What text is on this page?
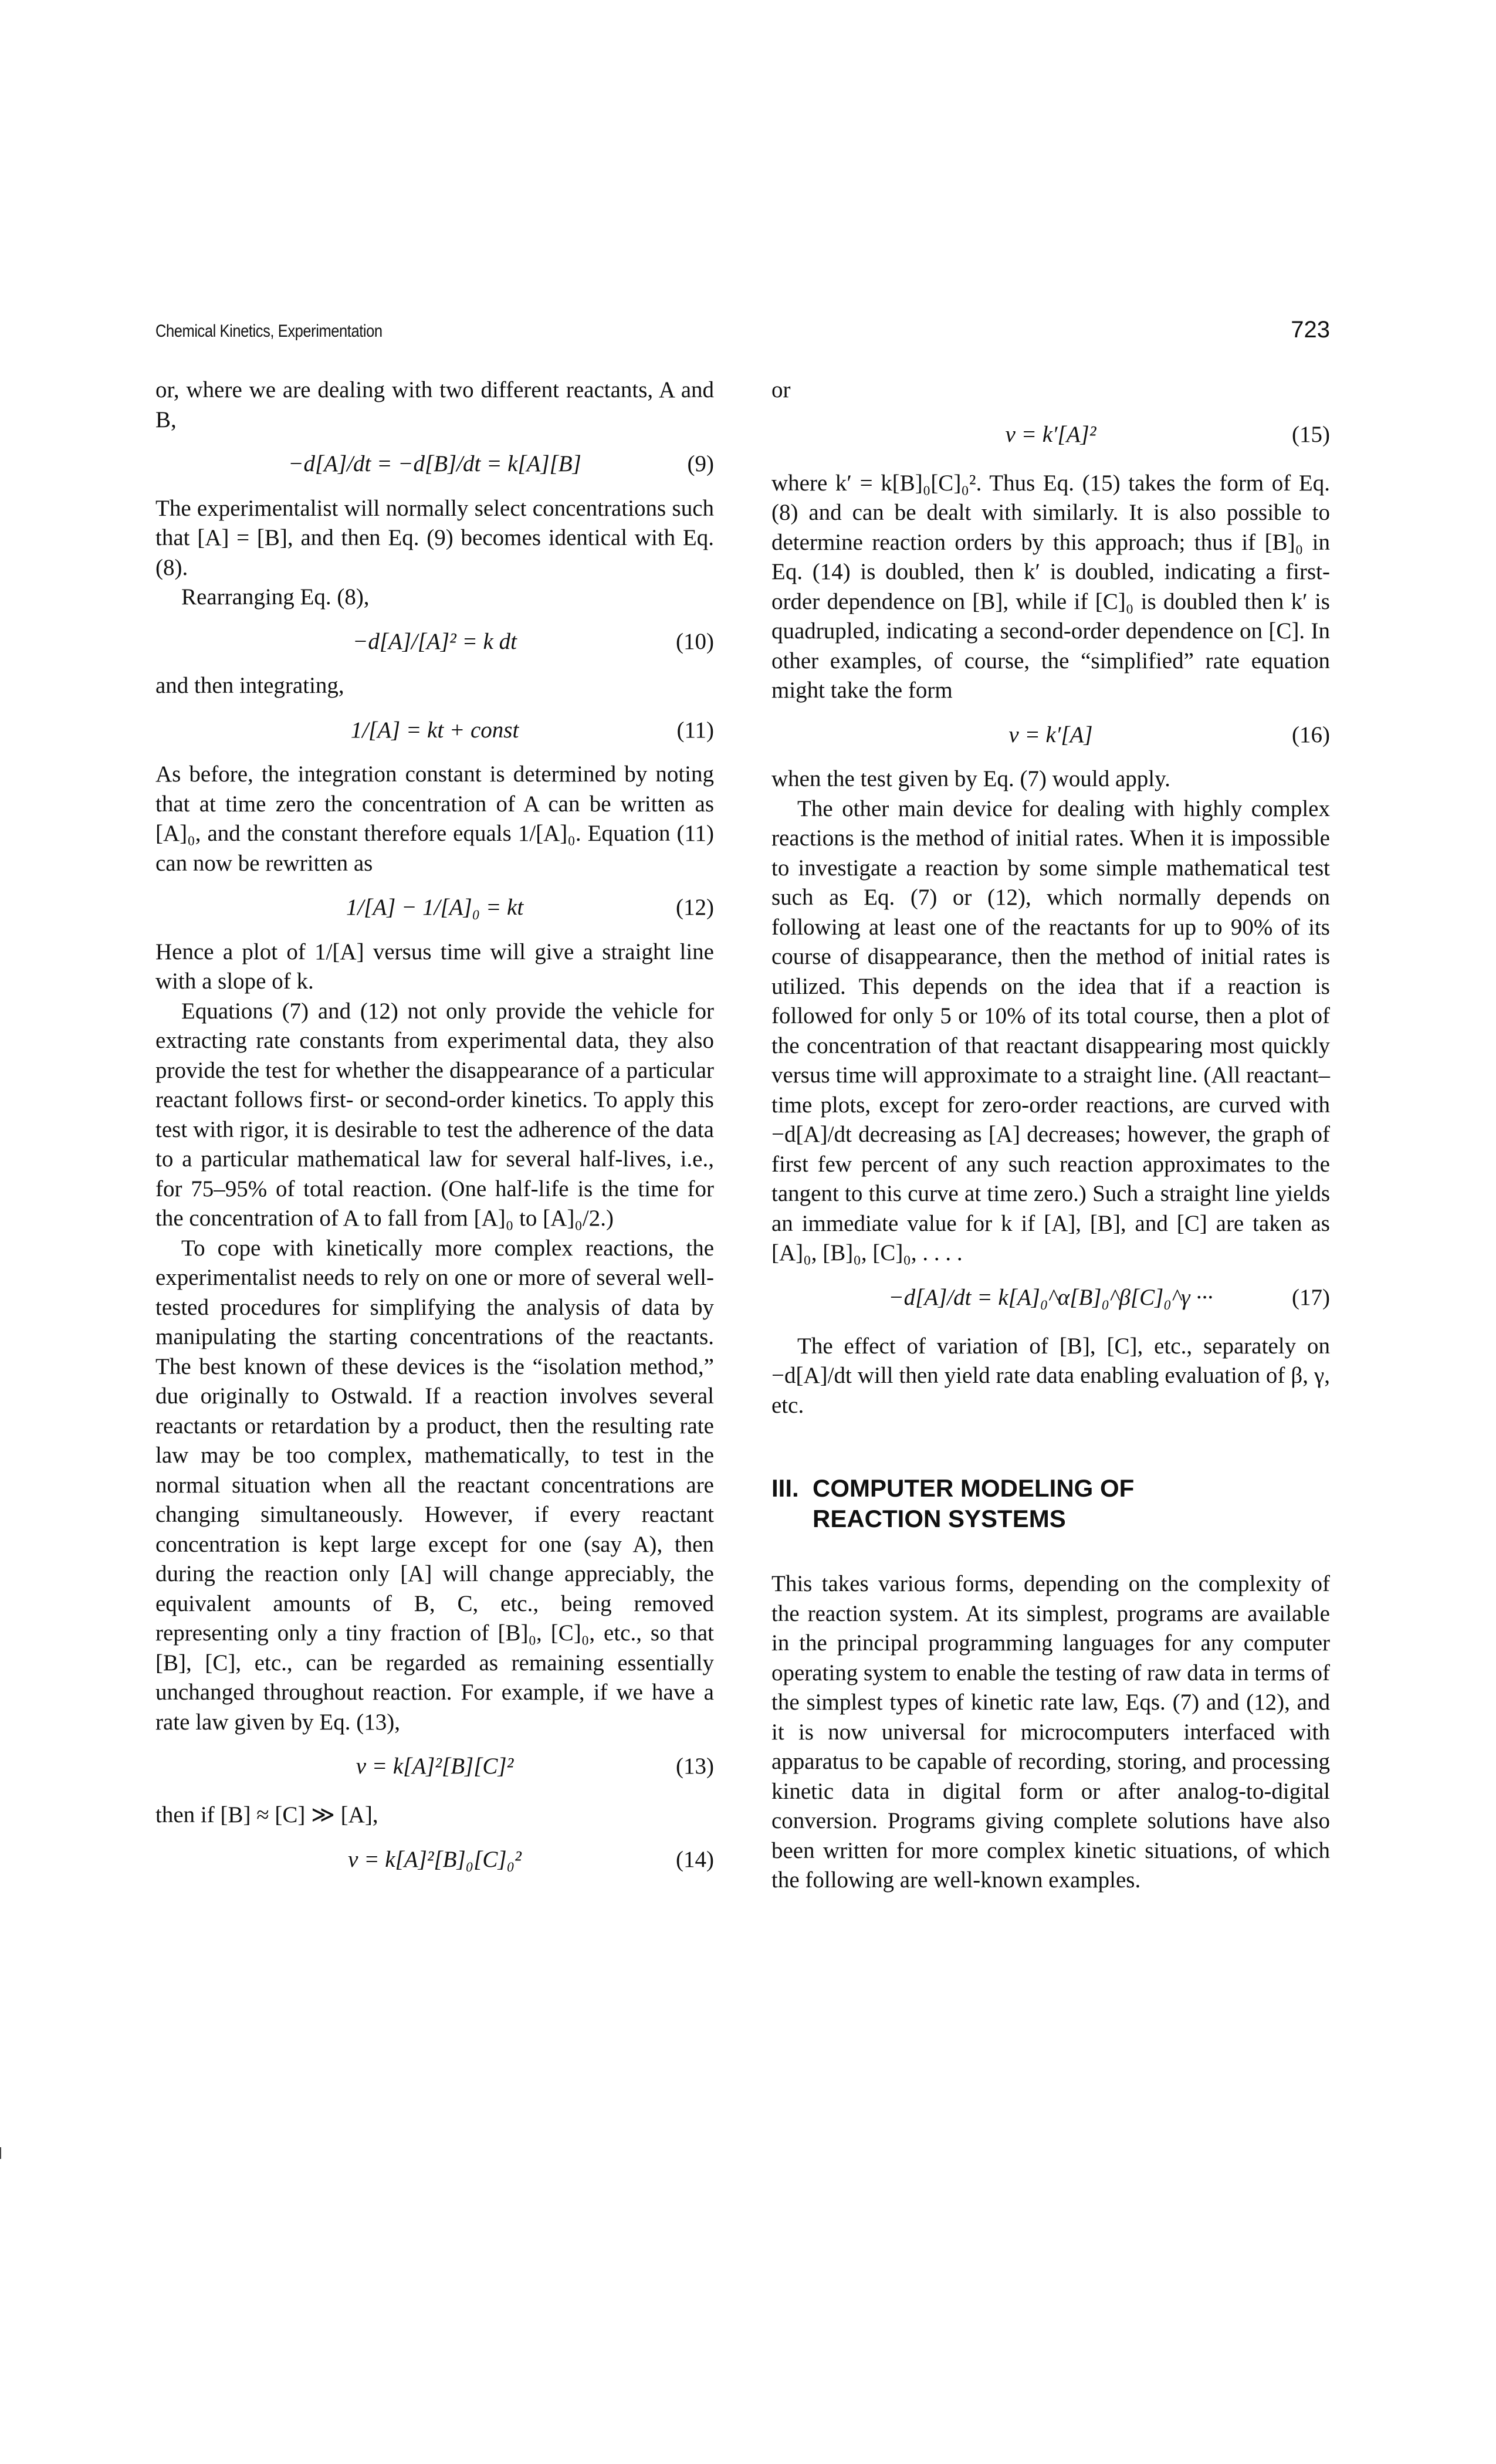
Chemical Kinetics, Experimentation	723

or, where we are dealing with two different reactants, A and B,

−d[A]/dt = −d[B]/dt = k[A][B]	(9)

The experimentalist will normally select concentrations such that [A] = [B], and then Eq. (9) becomes identical with Eq. (8).

Rearranging Eq. (8),

−d[A]/[A]² = k dt	(10)

and then integrating,

1/[A] = kt + const	(11)

As before, the integration constant is determined by noting that at time zero the concentration of A can be written as [A]₀, and the constant therefore equals 1/[A]₀. Equation (11) can now be rewritten as

1/[A] − 1/[A]₀ = kt	(12)

Hence a plot of 1/[A] versus time will give a straight line with a slope of k.

Equations (7) and (12) not only provide the vehicle for extracting rate constants from experimental data, they also provide the test for whether the disappearance of a particular reactant follows first- or second-order kinetics. To apply this test with rigor, it is desirable to test the adherence of the data to a particular mathematical law for several half-lives, i.e., for 75–95% of total reaction. (One half-life is the time for the concentration of A to fall from [A]₀ to [A]₀/2.)

To cope with kinetically more complex reactions, the experimentalist needs to rely on one or more of several well-tested procedures for simplifying the analysis of data by manipulating the starting concentrations of the reactants. The best known of these devices is the “isolation method,” due originally to Ostwald. If a reaction involves several reactants or retardation by a product, then the resulting rate law may be too complex, mathematically, to test in the normal situation when all the reactant concentrations are changing simultaneously. However, if every reactant concentration is kept large except for one (say A), then during the reaction only [A] will change appreciably, the equivalent amounts of B, C, etc., being removed representing only a tiny fraction of [B]₀, [C]₀, etc., so that [B], [C], etc., can be regarded as remaining essentially unchanged throughout reaction. For example, if we have a rate law given by Eq. (13),

v = k[A]²[B][C]²	(13)

then if [B] ≈ [C] ≫ [A],

v = k[A]²[B]₀[C]₀²	(14)

or

v = k′[A]²	(15)

where k′ = k[B]₀[C]₀². Thus Eq. (15) takes the form of Eq. (8) and can be dealt with similarly. It is also possible to determine reaction orders by this approach; thus if [B]₀ in Eq. (14) is doubled, then k′ is doubled, indicating a first-order dependence on [B], while if [C]₀ is doubled then k′ is quadrupled, indicating a second-order dependence on [C]. In other examples, of course, the “simplified” rate equation might take the form

v = k′[A]	(16)

when the test given by Eq. (7) would apply.

The other main device for dealing with highly complex reactions is the method of initial rates. When it is impossible to investigate a reaction by some simple mathematical test such as Eq. (7) or (12), which normally depends on following at least one of the reactants for up to 90% of its course of disappearance, then the method of initial rates is utilized. This depends on the idea that if a reaction is followed for only 5 or 10% of its total course, then a plot of the concentration of that reactant disappearing most quickly versus time will approximate to a straight line. (All reactant–time plots, except for zero-order reactions, are curved with −d[A]/dt decreasing as [A] decreases; however, the graph of first few percent of any such reaction approximates to the tangent to this curve at time zero.) Such a straight line yields an immediate value for k if [A], [B], and [C] are taken as [A]₀, [B]₀, [C]₀, . . . .

−d[A]/dt = k[A]₀^α[B]₀^β[C]₀^γ ···	(17)

The effect of variation of [B], [C], etc., separately on −d[A]/dt will then yield rate data enabling evaluation of β, γ, etc.

III. COMPUTER MODELING OF
REACTION SYSTEMS

This takes various forms, depending on the complexity of the reaction system. At its simplest, programs are available in the principal programming languages for any computer operating system to enable the testing of raw data in terms of the simplest types of kinetic rate law, Eqs. (7) and (12), and it is now universal for microcomputers interfaced with apparatus to be capable of recording, storing, and processing kinetic data in digital form or after analog-to-digital conversion. Programs giving complete solutions have also been written for more complex kinetic situations, of which the following are well-known examples.
